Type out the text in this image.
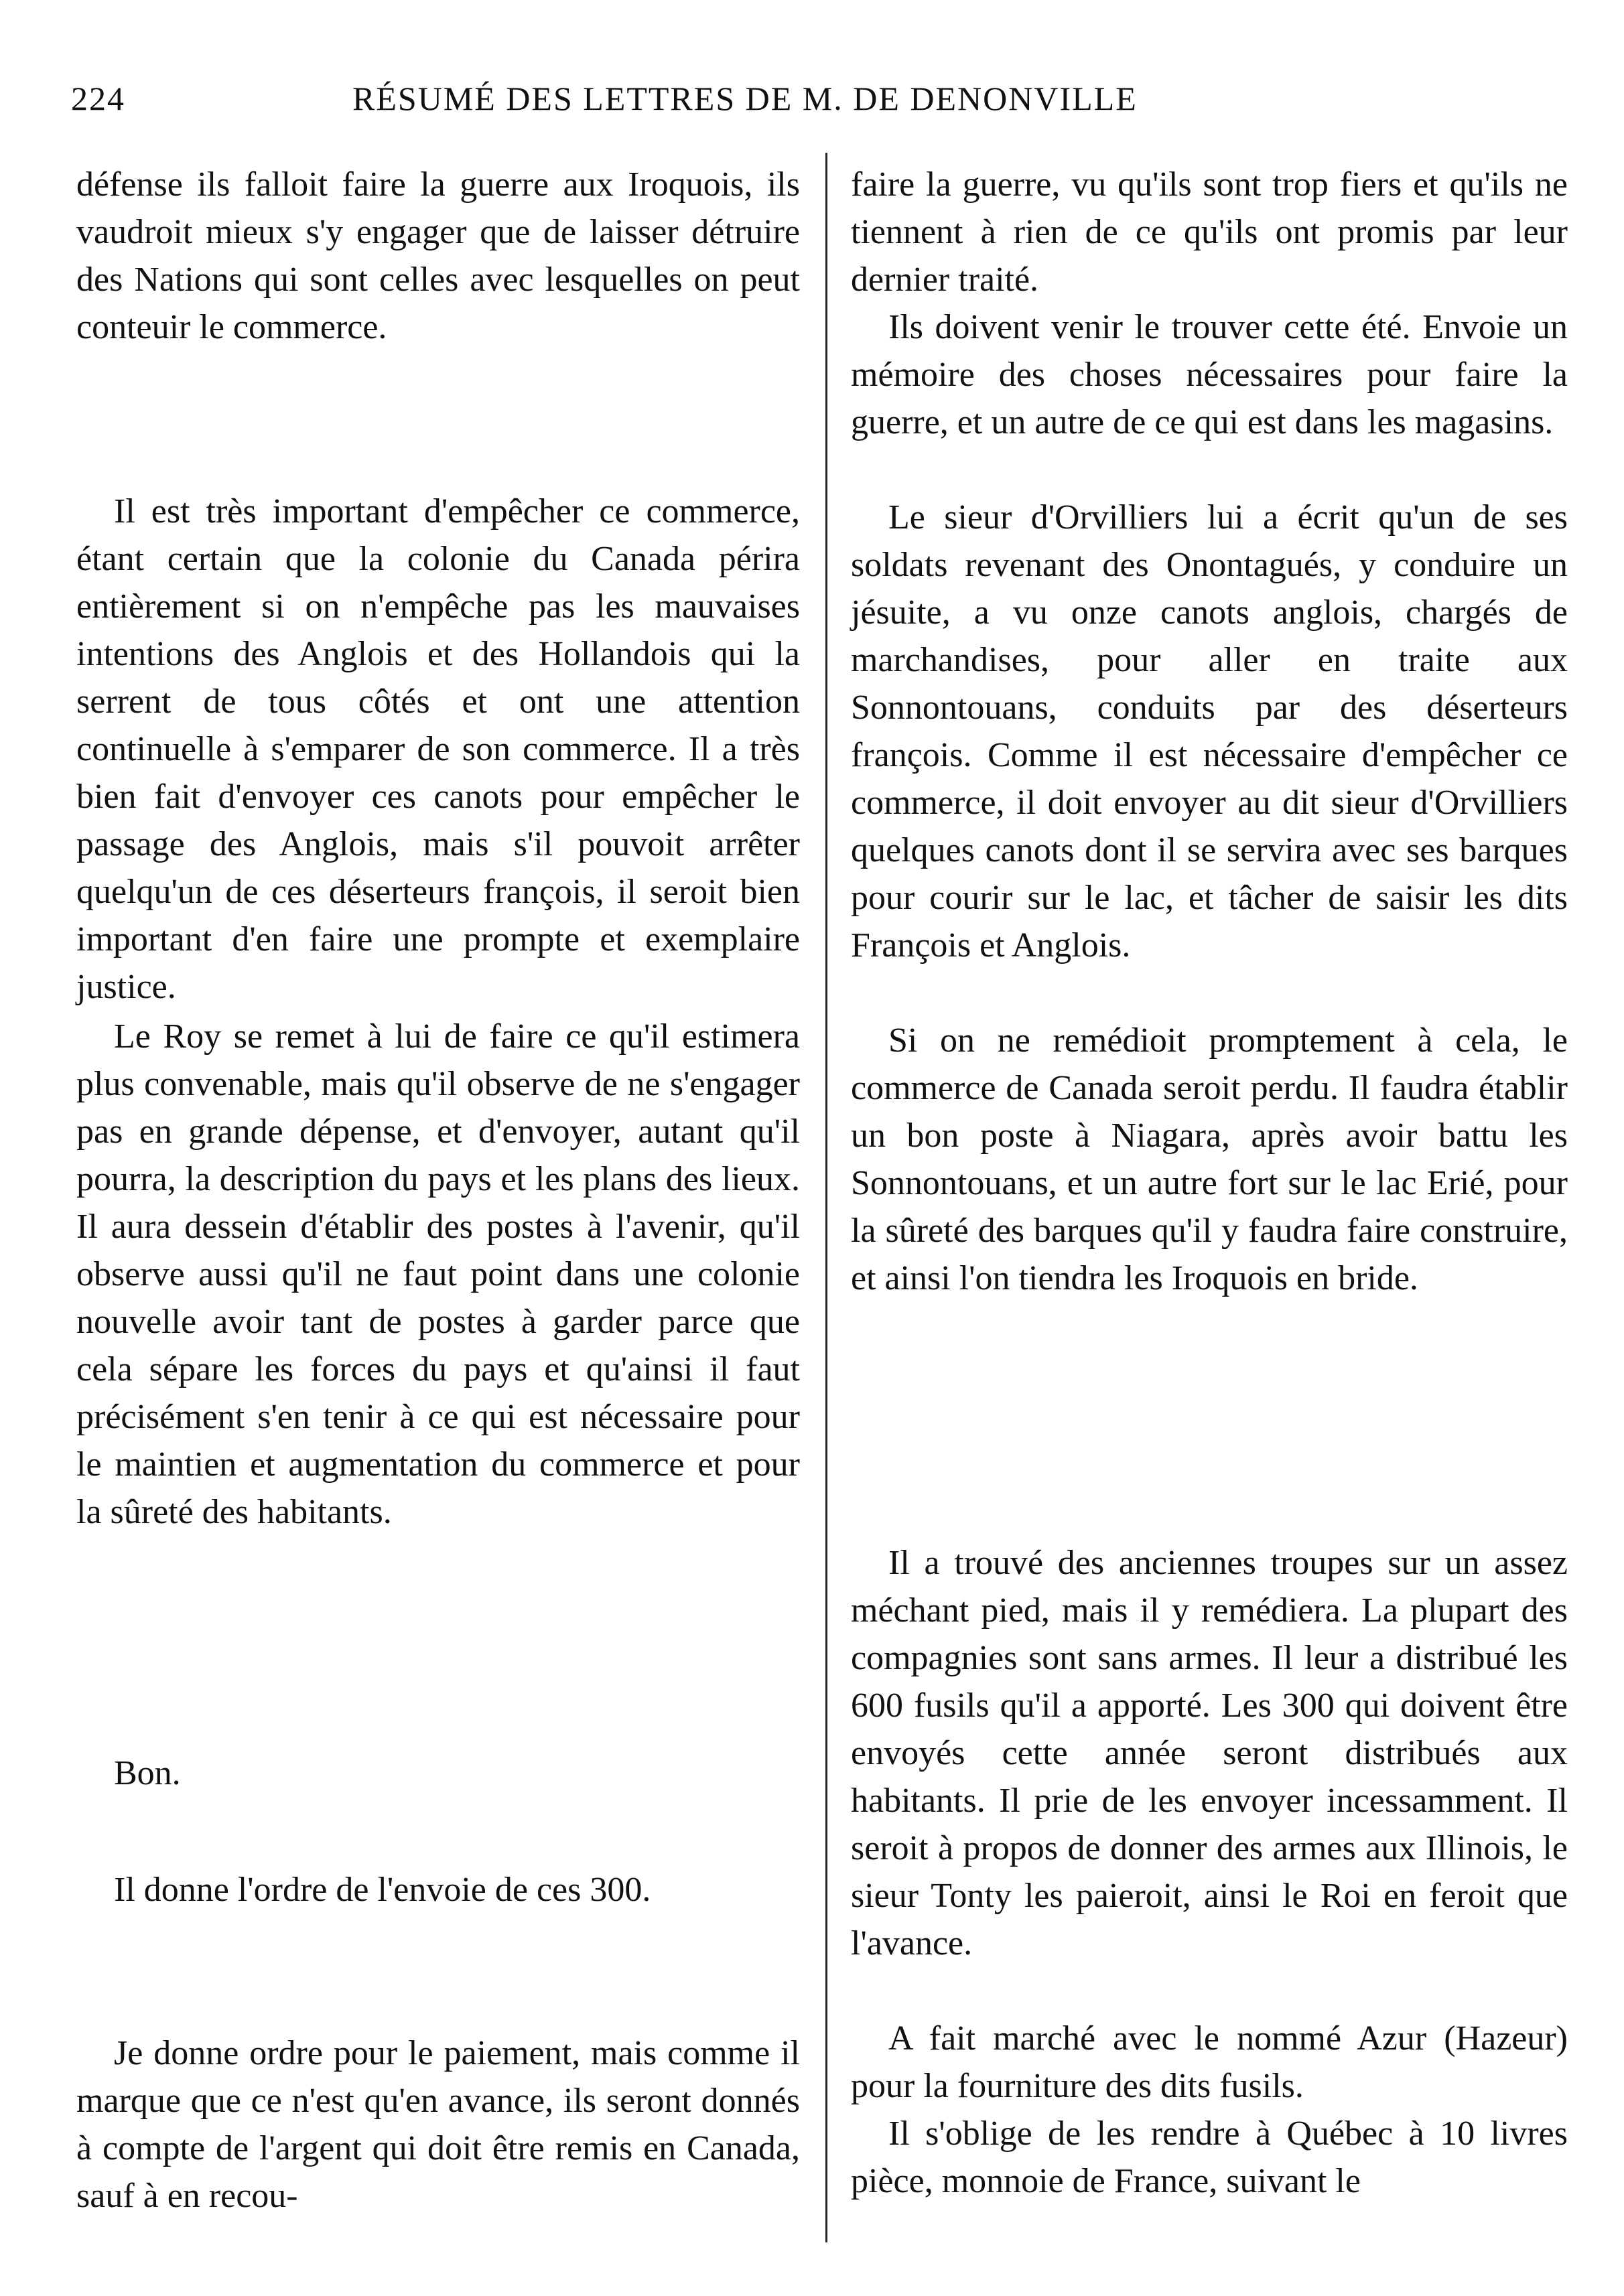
224	RÉSUMÉ DES LETTRES DE M. DE DENONVILLE

défense ils falloit faire la guerre aux Iroquois, ils vaudroit mieux s'y engager que de laisser détruire des Nations qui sont celles avec lesquelles on peut conteuir le commerce.

Il est très important d'empêcher ce commerce, étant certain que la colonie du Canada périra entièrement si on n'empêche pas les mauvaises intentions des Anglois et des Hollandois qui la serrent de tous côtés et ont une attention continuelle à s'emparer de son commerce. Il a très bien fait d'envoyer ces canots pour empêcher le passage des Anglois, mais s'il pouvoit arrêter quelqu'un de ces déserteurs françois, il seroit bien important d'en faire une prompte et exemplaire justice.

Le Roy se remet à lui de faire ce qu'il estimera plus convenable, mais qu'il observe de ne s'engager pas en grande dépense, et d'envoyer, autant qu'il pourra, la description du pays et les plans des lieux. Il aura dessein d'établir des postes à l'avenir, qu'il observe aussi qu'il ne faut point dans une colonie nouvelle avoir tant de postes à garder parce que cela sépare les forces du pays et qu'ainsi il faut précisément s'en tenir à ce qui est nécessaire pour le maintien et augmentation du commerce et pour la sûreté des habitants.

Bon.

Il donne l'ordre de l'envoie de ces 300.

Je donne ordre pour le paiement, mais comme il marque que ce n'est qu'en avance, ils seront donnés à compte de l'argent qui doit être remis en Canada, sauf à en recou-

faire la guerre, vu qu'ils sont trop fiers et qu'ils ne tiennent à rien de ce qu'ils ont promis par leur dernier traité.

Ils doivent venir le trouver cette été. Envoie un mémoire des choses nécessaires pour faire la guerre, et un autre de ce qui est dans les magasins.

Le sieur d'Orvilliers lui a écrit qu'un de ses soldats revenant des Onontagués, y conduire un jésuite, a vu onze canots anglois, chargés de marchandises, pour aller en traite aux Sonnontouans, conduits par des déserteurs françois. Comme il est nécessaire d'empêcher ce commerce, il doit envoyer au dit sieur d'Orvilliers quelques canots dont il se servira avec ses barques pour courir sur le lac, et tâcher de saisir les dits François et Anglois.

Si on ne remédioit promptement à cela, le commerce de Canada seroit perdu. Il faudra établir un bon poste à Niagara, après avoir battu les Sonnontouans, et un autre fort sur le lac Erié, pour la sûreté des barques qu'il y faudra faire construire, et ainsi l'on tiendra les Iroquois en bride.

Il a trouvé des anciennes troupes sur un assez méchant pied, mais il y remédiera. La plupart des compagnies sont sans armes. Il leur a distribué les 600 fusils qu'il a apporté. Les 300 qui doivent être envoyés cette année seront distribués aux habitants. Il prie de les envoyer incessamment. Il seroit à propos de donner des armes aux Illinois, le sieur Tonty les paieroit, ainsi le Roi en feroit que l'avance.

A fait marché avec le nommé Azur (Hazeur) pour la fourniture des dits fusils.

Il s'oblige de les rendre à Québec à 10 livres pièce, monnoie de France, suivant le
